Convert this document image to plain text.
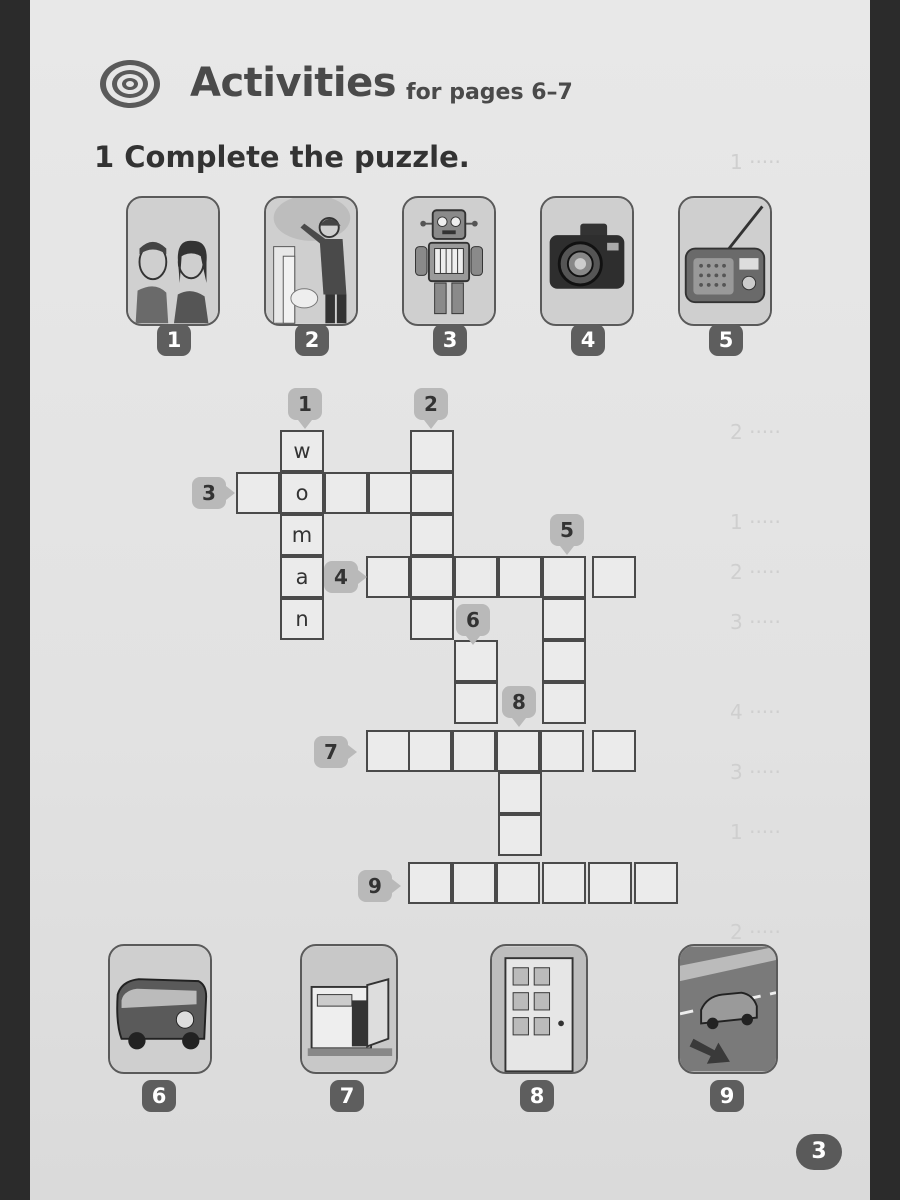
1 ·····
2 ·····
1 ·····
2 ·····
3 ·····
4 ·····
3 ·····
1 ·····
2 ·····
Activities for pages 6–7
1 Complete the puzzle.
1	2	3	4	5
w
o
m
a
n
1	2
3
4
5
6
7
8
9
6	7	8	9
3
